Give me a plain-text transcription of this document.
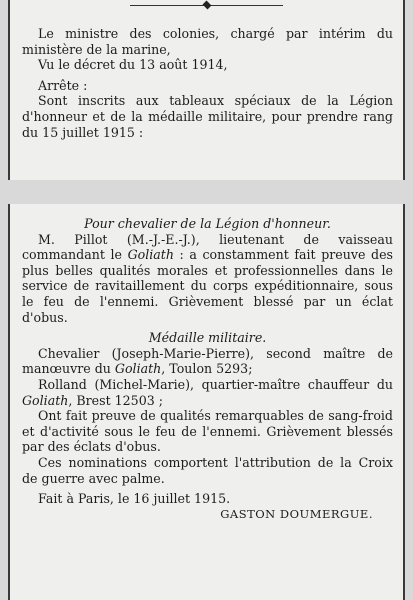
Le ministre des colonies, chargé par intérim du ministère de la marine,

Vu le décret du 13 août 1914,

Arrête :

Sont inscrits aux tableaux spéciaux de la Légion d'honneur et de la médaille militaire, pour prendre rang du 15 juillet 1915 :

Pour chevalier de la Légion d'honneur.

M. Pillot (M.-J.-E.-J.), lieutenant de vaisseau commandant le Goliath : a constamment fait preuve des plus belles qualités morales et professionnelles dans le service de ravitaillement du corps expéditionnaire, sous le feu de l'ennemi. Grièvement blessé par un éclat d'obus.

Médaille militaire.

Chevalier (Joseph-Marie-Pierre), second maître de manœuvre du Goliath, Toulon 5293;

Rolland (Michel-Marie), quartier-maître chauffeur du Goliath, Brest 12503 ;

Ont fait preuve de qualités remarquables de sang-froid et d'activité sous le feu de l'ennemi. Grièvement blessés par des éclats d'obus.

Ces nominations comportent l'attribution de la Croix de guerre avec palme.

Fait à Paris, le 16 juillet 1915.

GASTON DOUMERGUE.
